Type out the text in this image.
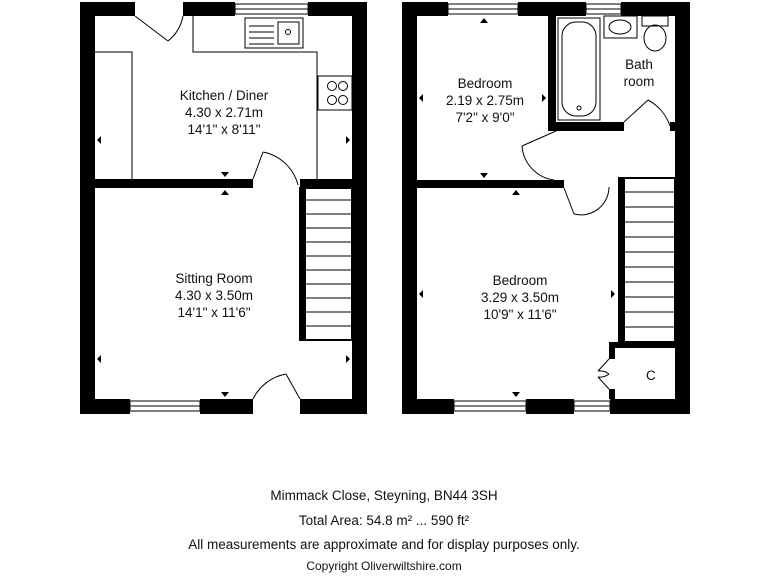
Kitchen / Diner
4.30 x 2.71m
14'1" x 8'11"
Sitting Room
4.30 x 3.50m
14'1" x 11'6"
Bedroom
2.19 x 2.75m
7'2" x 9'0"
Bath
room
Bedroom
3.29 x 3.50m
10'9" x 11'6"
C
Mimmack Close, Steyning, BN44 3SH
Total Area: 54.8 m² ... 590 ft²
All measurements are approximate and for display purposes only.
Copyright Oliverwiltshire.com
